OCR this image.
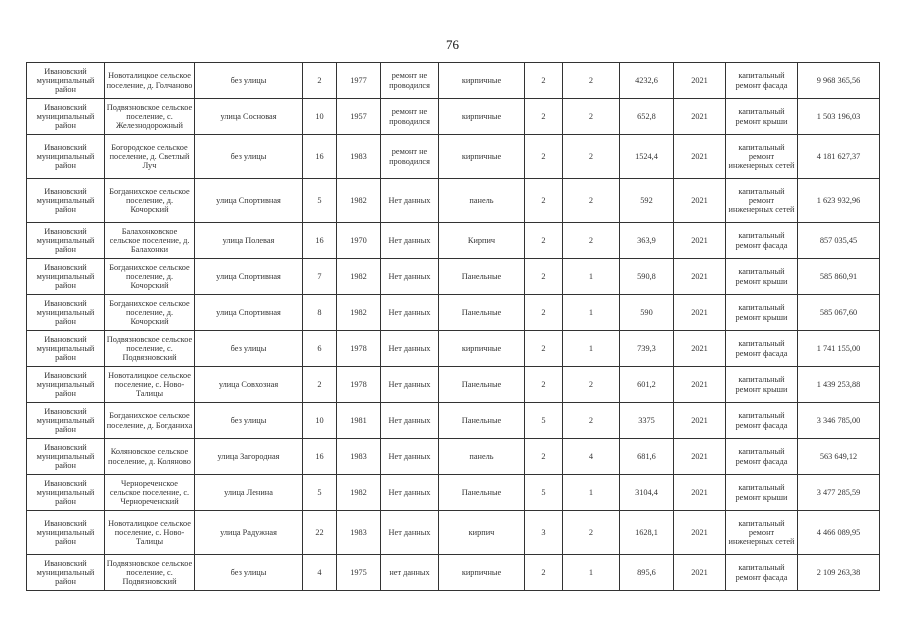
76
Ивановский муниципальный район	Новоталицкое сельское поселение, д. Голчаново	без улицы	2	1977	ремонт не проводился	кирпичные	2	2	4232,6	2021	капитальный ремонт фасада	9 968 365,56
Ивановский муниципальный район	Подвязновское сельское поселение, с. Железнодорожный	улица Сосновая	10	1957	ремонт не проводился	кирпичные	2	2	652,8	2021	капитальный ремонт крыши	1 503 196,03
Ивановский муниципальный район	Богородское сельское поселение, д. Светлый Луч	без улицы	16	1983	ремонт не проводился	кирпичные	2	2	1524,4	2021	капитальный ремонт инженерных сетей	4 181 627,37
Ивановский муниципальный район	Богданихское сельское поселение, д. Кочорский	улица Спортивная	5	1982	Нет данных	панель	2	2	592	2021	капитальный ремонт инженерных сетей	1 623 932,96
Ивановский муниципальный район	Балахонковское сельское поселение, д. Балахонки	улица Полевая	16	1970	Нет данных	Кирпич	2	2	363,9	2021	капитальный ремонт фасада	857 035,45
Ивановский муниципальный район	Богданихское сельское поселение, д. Кочорский	улица Спортивная	7	1982	Нет данных	Панельные	2	1	590,8	2021	капитальный ремонт крыши	585 860,91
Ивановский муниципальный район	Богданихское сельское поселение, д. Кочорский	улица Спортивная	8	1982	Нет данных	Панельные	2	1	590	2021	капитальный ремонт крыши	585 067,60
Ивановский муниципальный район	Подвязновское сельское поселение, с. Подвязновский	без улицы	6	1978	Нет данных	кирпичные	2	1	739,3	2021	капитальный ремонт фасада	1 741 155,00
Ивановский муниципальный район	Новоталицкое сельское поселение, с. Ново-Талицы	улица Совхозная	2	1978	Нет данных	Панельные	2	2	601,2	2021	капитальный ремонт крыши	1 439 253,88
Ивановский муниципальный район	Богданихское сельское поселение, д. Богданиха	без улицы	10	1981	Нет данных	Панельные	5	2	3375	2021	капитальный ремонт фасада	3 346 785,00
Ивановский муниципальный район	Коляновское сельское поселение, д. Коляново	улица Загородная	16	1983	Нет данных	панель	2	4	681,6	2021	капитальный ремонт фасада	563 649,12
Ивановский муниципальный район	Чернореченское сельское поселение, с. Чернореченский	улица Ленина	5	1982	Нет данных	Панельные	5	1	3104,4	2021	капитальный ремонт крыши	3 477 285,59
Ивановский муниципальный район	Новоталицкое сельское поселение, с. Ново-Талицы	улица Радужная	22	1983	Нет данных	кирпич	3	2	1628,1	2021	капитальный ремонт инженерных сетей	4 466 089,95
Ивановский муниципальный район	Подвязновское сельское поселение, с. Подвязновский	без улицы	4	1975	нет данных	кирпичные	2	1	895,6	2021	капитальный ремонт фасада	2 109 263,38
